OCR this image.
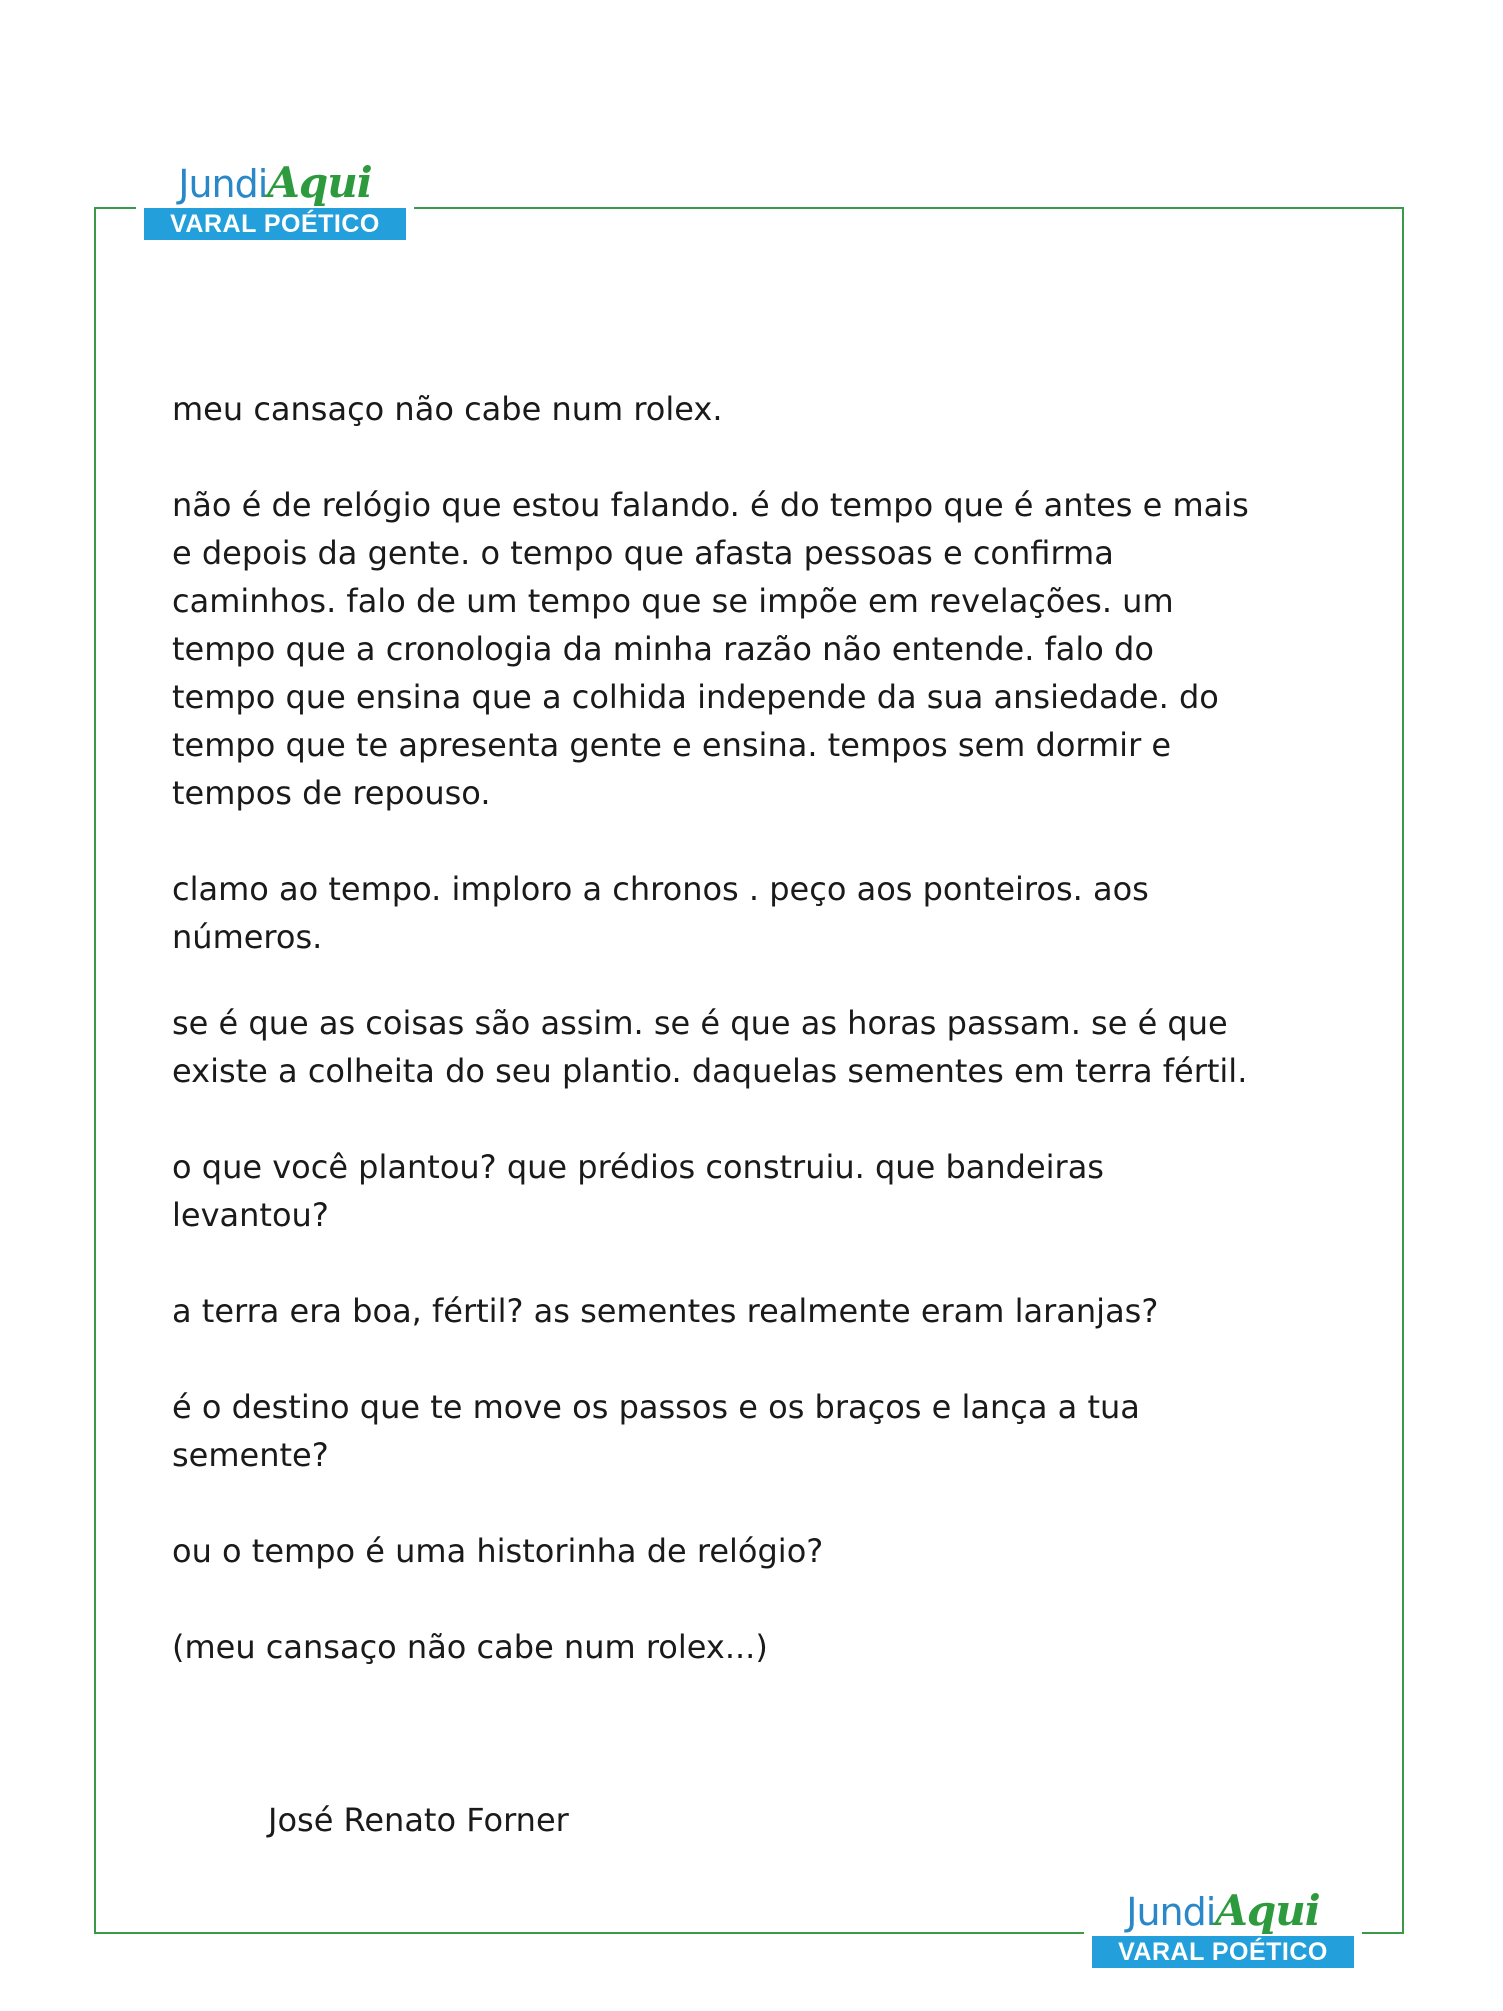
JundiAqui
VARAL POÉTICO

meu cansaço não cabe num rolex.

não é de relógio que estou falando. é do tempo que é antes e mais
e depois da gente. o tempo que afasta pessoas e confirma
caminhos. falo de um tempo que se impõe em revelações. um
tempo que a cronologia da minha razão não entende. falo do
tempo que ensina que a colhida independe da sua ansiedade. do
tempo que te apresenta gente e ensina. tempos sem dormir e
tempos de repouso.

clamo ao tempo. imploro a chronos . peço aos ponteiros. aos
números.

se é que as coisas são assim. se é que as horas passam. se é que
existe a colheita do seu plantio. daquelas sementes em terra fértil.

o que você plantou? que prédios construiu. que bandeiras
levantou?

a terra era boa, fértil? as sementes realmente eram laranjas?

é o destino que te move os passos e os braços e lança a tua
semente?

ou o tempo é uma historinha de relógio?

(meu cansaço não cabe num rolex...)

José Renato Forner
JundiAqui
VARAL POÉTICO
